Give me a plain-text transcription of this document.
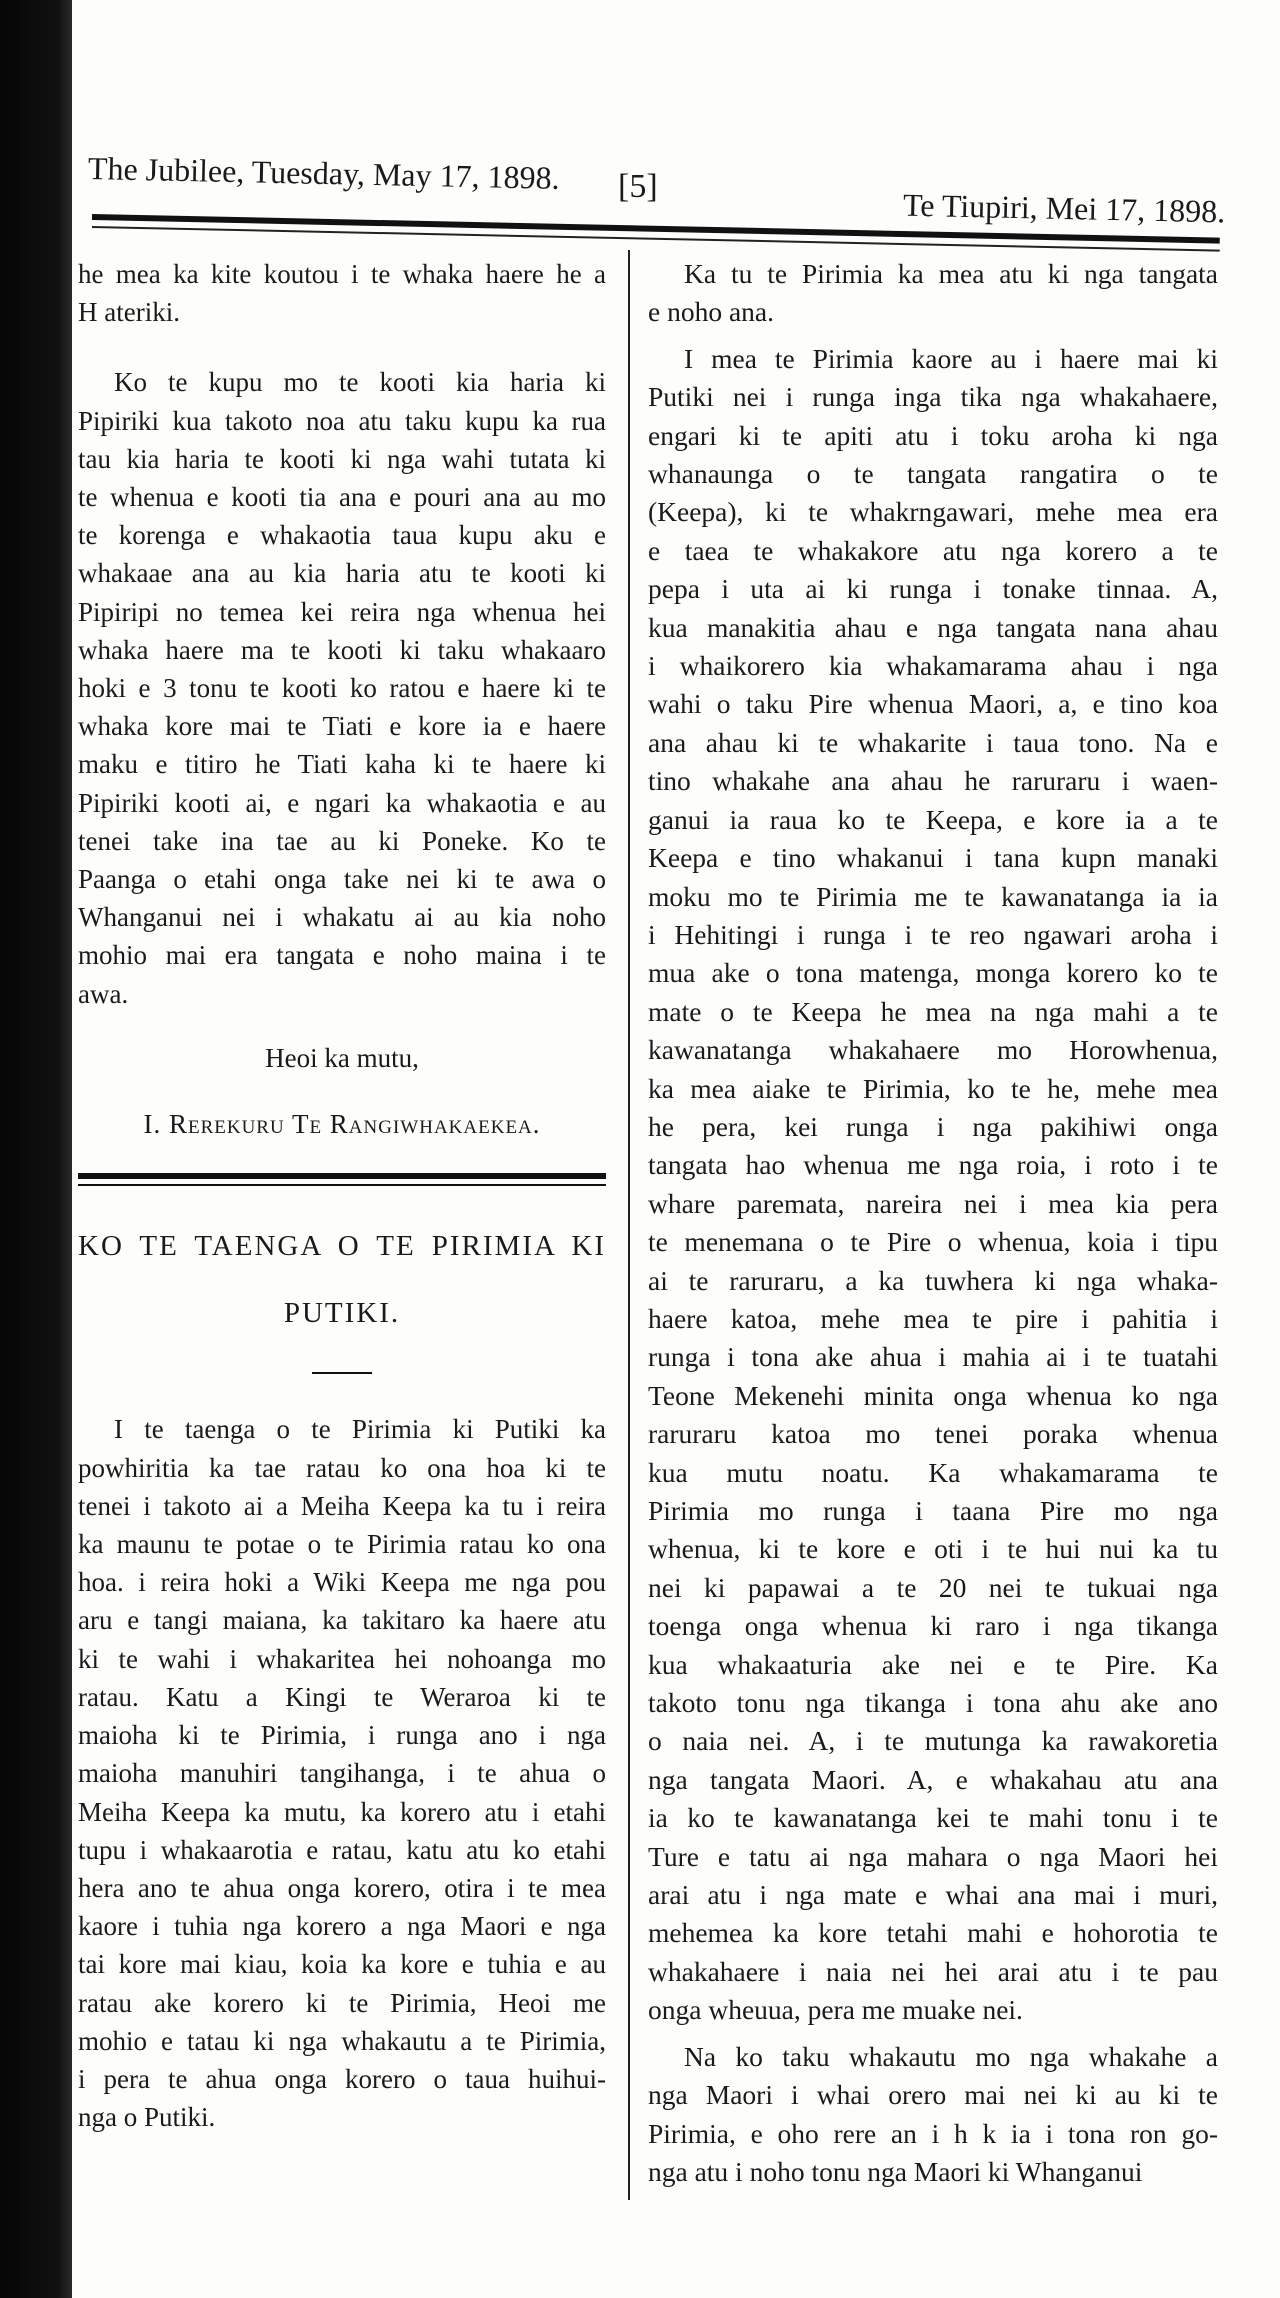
The Jubilee, Tuesday, May 17, 1898. [5]
Te Tiupiri, Mei 17, 1898.
he mea ka kite koutou i te whaka haere he a
H ateriki.
Ko te kupu mo te kooti kia haria ki
Pipiriki kua takoto noa atu taku kupu ka rua
tau kia haria te kooti ki nga wahi tutata ki
te whenua e kooti tia ana e pouri ana au mo
te korenga e whakaotia taua kupu aku e
whakaae ana au kia haria atu te kooti ki
Pipiripi no temea kei reira nga whenua hei
whaka haere ma te kooti ki taku whakaaro
hoki e 3 tonu te kooti ko ratou e haere ki te
whaka kore mai te Tiati e kore ia e haere
maku e titiro he Tiati kaha ki te haere ki
Pipiriki kooti ai, e ngari ka whakaotia e au
tenei take ina tae au ki Poneke. Ko te
Paanga o etahi onga take nei ki te awa o
Whanganui nei i whakatu ai au kia noho
mohio mai era tangata e noho maina i te
awa.
Heoi ka mutu,
I. Rerekuru Te Rangiwhakaekea.
KO TE TAENGA O TE PIRIMIA KI
PUTIKI.
I te taenga o te Pirimia ki Putiki ka
powhiritia ka tae ratau ko ona hoa ki te
tenei i takoto ai a Meiha Keepa ka tu i reira
ka maunu te potae o te Pirimia ratau ko ona
hoa. i reira hoki a Wiki Keepa me nga pou
aru e tangi maiana, ka takitaro ka haere atu
ki te wahi i whakaritea hei nohoanga mo
ratau. Katu a Kingi te Weraroa ki te
maioha ki te Pirimia, i runga ano i nga
maioha manuhiri tangihanga, i te ahua o
Meiha Keepa ka mutu, ka korero atu i etahi
tupu i whakaarotia e ratau, katu atu ko etahi
hera ano te ahua onga korero, otira i te mea
kaore i tuhia nga korero a nga Maori e nga
tai kore mai kiau, koia ka kore e tuhia e au
ratau ake korero ki te Pirimia, Heoi me
mohio e tatau ki nga whakautu a te Pirimia,
i pera te ahua onga korero o taua huihui-
nga o Putiki.
Ka tu te Pirimia ka mea atu ki nga tangata
e noho ana.
I mea te Pirimia kaore au i haere mai ki
Putiki nei i runga inga tika nga whakahaere,
engari ki te apiti atu i toku aroha ki nga
whanaunga o te tangata rangatira o te
(Keepa), ki te whakrngawari, mehe mea era
e taea te whakakore atu nga korero a te
pepa i uta ai ki runga i tonake tinnaa. A,
kua manakitia ahau e nga tangata nana ahau
i whaikorero kia whakamarama ahau i nga
wahi o taku Pire whenua Maori, a, e tino koa
ana ahau ki te whakarite i taua tono. Na e
tino whakahe ana ahau he raruraru i waen-
ganui ia raua ko te Keepa, e kore ia a te
Keepa e tino whakanui i tana kupn manaki
moku mo te Pirimia me te kawanatanga ia ia
i Hehitingi i runga i te reo ngawari aroha i
mua ake o tona matenga, monga korero ko te
mate o te Keepa he mea na nga mahi a te
kawanatanga whakahaere mo Horowhenua,
ka mea aiake te Pirimia, ko te he, mehe mea
he pera, kei runga i nga pakihiwi onga
tangata hao whenua me nga roia, i roto i te
whare paremata, nareira nei i mea kia pera
te menemana o te Pire o whenua, koia i tipu
ai te raruraru, a ka tuwhera ki nga whaka-
haere katoa, mehe mea te pire i pahitia i
runga i tona ake ahua i mahia ai i te tuatahi
Teone Mekenehi minita onga whenua ko nga
raruraru katoa mo tenei poraka whenua
kua mutu noatu. Ka whakamarama te
Pirimia mo runga i taana Pire mo nga
whenua, ki te kore e oti i te hui nui ka tu
nei ki papawai a te 20 nei te tukuai nga
toenga onga whenua ki raro i nga tikanga
kua whakaaturia ake nei e te Pire. Ka
takoto tonu nga tikanga i tona ahu ake ano
o naia nei. A, i te mutunga ka rawakoretia
nga tangata Maori. A, e whakahau atu ana
ia ko te kawanatanga kei te mahi tonu i te
Ture e tatu ai nga mahara o nga Maori hei
arai atu i nga mate e whai ana mai i muri,
mehemea ka kore tetahi mahi e hohorotia te
whakahaere i naia nei hei arai atu i te pau
onga wheuua, pera me muake nei.
Na ko taku whakautu mo nga whakahe a
nga Maori i whai orero mai nei ki au ki te
Pirimia, e oho rere an i h k ia i tona ron go-
nga atu i noho tonu nga Maori ki Whanganui
